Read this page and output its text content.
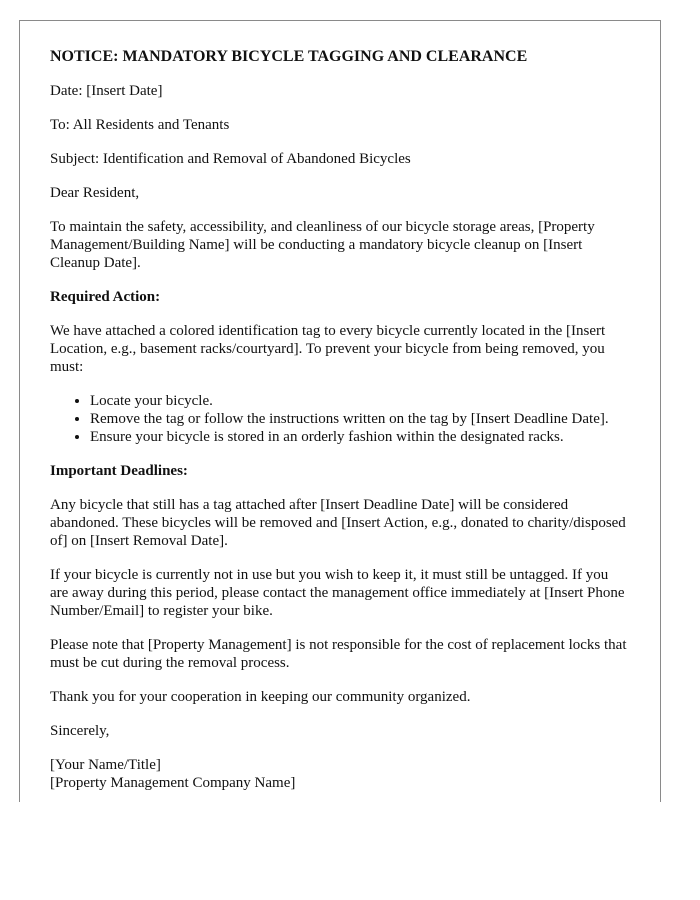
NOTICE: MANDATORY BICYCLE TAGGING AND CLEARANCE

Date: [Insert Date]

To: All Residents and Tenants

Subject: Identification and Removal of Abandoned Bicycles

Dear Resident,

To maintain the safety, accessibility, and cleanliness of our bicycle storage areas, [Property Management/Building Name] will be conducting a mandatory bicycle cleanup on [Insert Cleanup Date].

Required Action:

We have attached a colored identification tag to every bicycle currently located in the [Insert Location, e.g., basement racks/courtyard]. To prevent your bicycle from being removed, you must:

• Locate your bicycle.
• Remove the tag or follow the instructions written on the tag by [Insert Deadline Date].
• Ensure your bicycle is stored in an orderly fashion within the designated racks.

Important Deadlines:

Any bicycle that still has a tag attached after [Insert Deadline Date] will be considered abandoned. These bicycles will be removed and [Insert Action, e.g., donated to charity/disposed of] on [Insert Removal Date].

If your bicycle is currently not in use but you wish to keep it, it must still be untagged. If you are away during this period, please contact the management office immediately at [Insert Phone Number/Email] to register your bike.

Please note that [Property Management] is not responsible for the cost of replacement locks that must be cut during the removal process.

Thank you for your cooperation in keeping our community organized.

Sincerely,

[Your Name/Title]
[Property Management Company Name]
